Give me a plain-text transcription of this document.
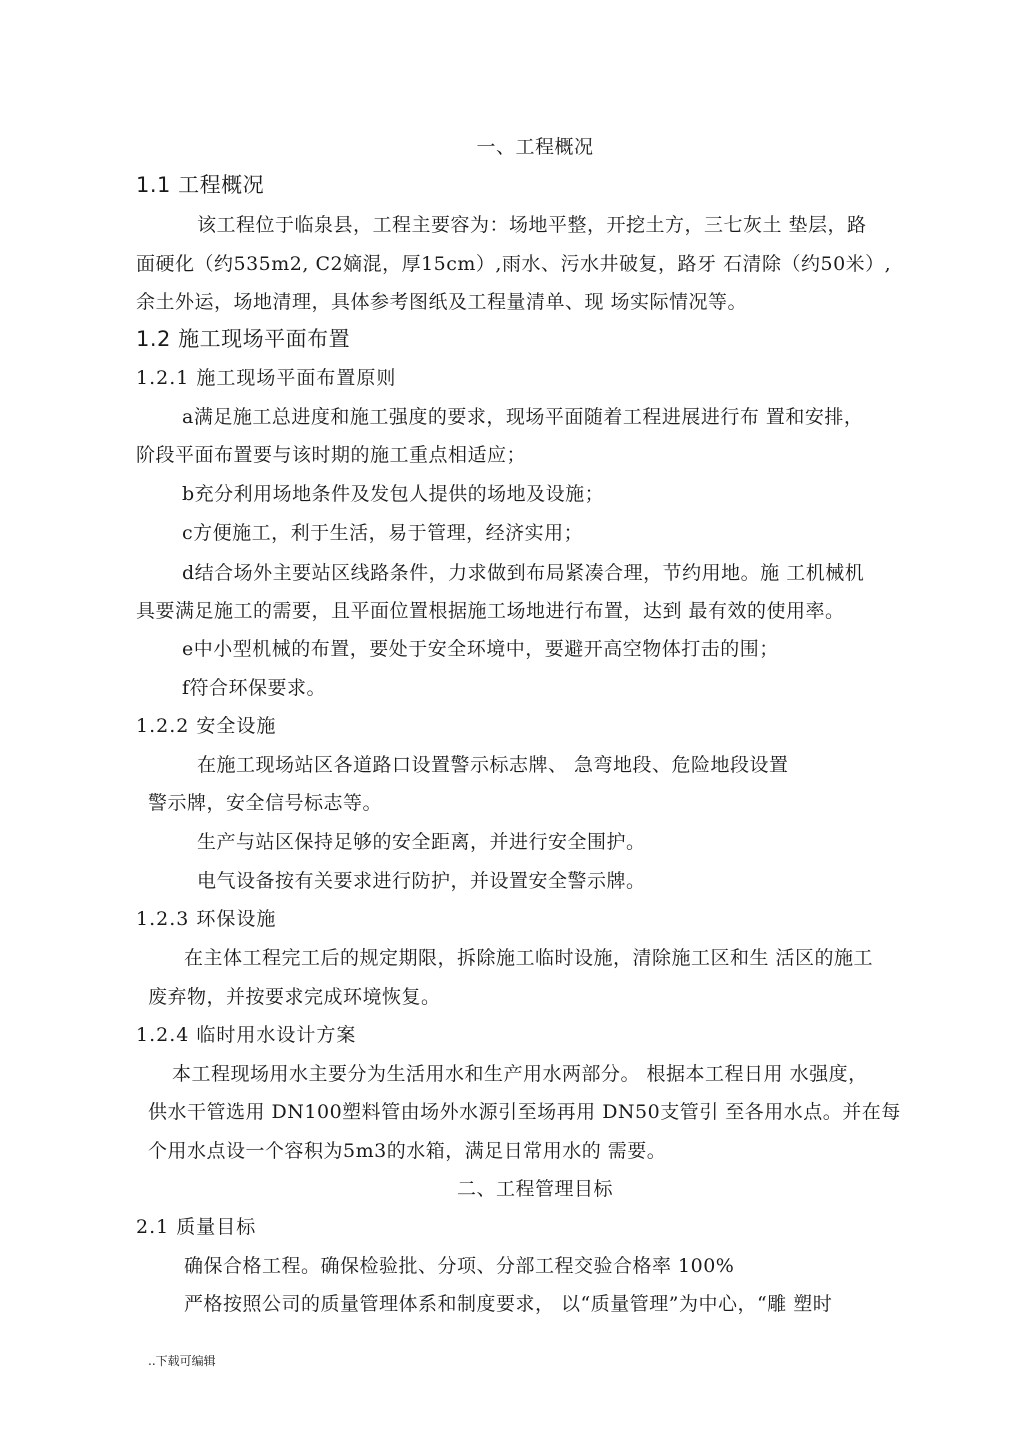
一、工程概况
1.1 工程概况
该工程位于临泉县，工程主要容为：场地平整，开挖土方，三七灰土 垫层，路
面硬化（约535m2, C2嫡混，厚15cm）,雨水、污水井破复，路牙 石清除（约50米）,
余土外运，场地清理，具体参考图纸及工程量清单、现 场实际情况等。
1.2 施工现场平面布置
1.2.1 施工现场平面布置原则
a满足施工总进度和施工强度的要求，现场平面随着工程进展进行布 置和安排，
阶段平面布置要与该时期的施工重点相适应；
b充分利用场地条件及发包人提供的场地及设施；
c方便施工，利于生活，易于管理，经济实用；
d结合场外主要站区线路条件，力求做到布局紧凑合理，节约用地。施 工机械机
具要满足施工的需要，且平面位置根据施工场地进行布置，达到 最有效的使用率。
e中小型机械的布置，要处于安全环境中，要避开高空物体打击的围；
f符合环保要求。
1.2.2 安全设施
在施工现场站区各道路口设置警示标志牌、 急弯地段、危险地段设置
警示牌，安全信号标志等。
生产与站区保持足够的安全距离，并进行安全围护。
电气设备按有关要求进行防护，并设置安全警示牌。
1.2.3 环保设施
在主体工程完工后的规定期限，拆除施工临时设施，清除施工区和生 活区的施工
废弃物，并按要求完成环境恢复。
1.2.4 临时用水设计方案
本工程现场用水主要分为生活用水和生产用水两部分。 根据本工程日用 水强度，
供水干管选用 DN100塑料管由场外水源引至场再用 DN50支管引 至各用水点。并在每
个用水点设一个容积为5m3的水箱，满足日常用水的 需要。
二、工程管理目标
2.1 质量目标
确保合格工程。确保检验批、分项、分部工程交验合格率 100%
严格按照公司的质量管理体系和制度要求， 以“质量管理”为中心，“雕 塑时
..下载可编辑
